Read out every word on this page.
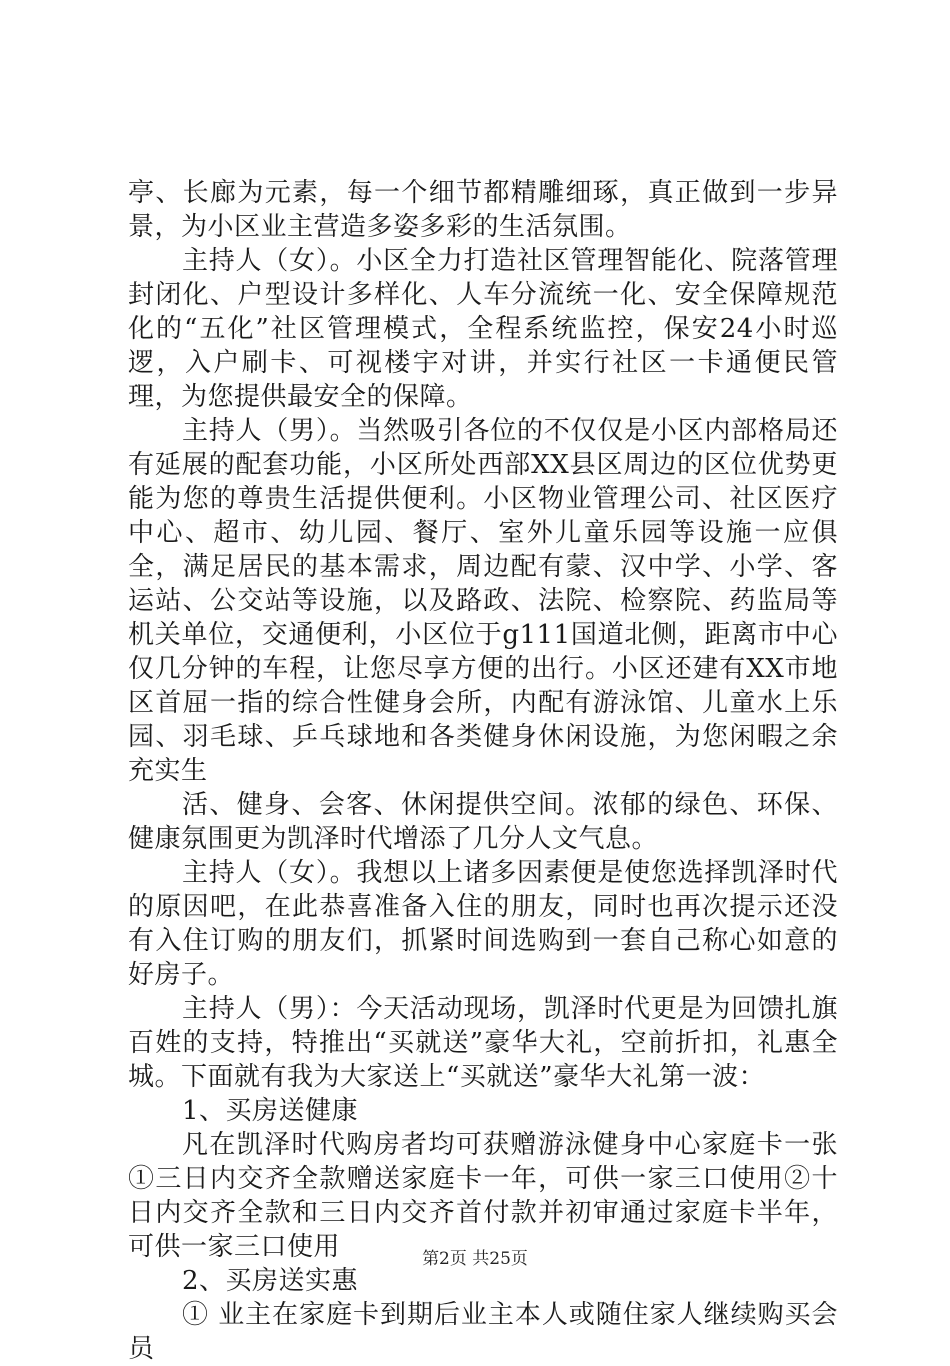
亭、长廊为元素，每一个细节都精雕细琢，真正做到一步异景，为小区业主营造多姿多彩的生活氛围。

主持人（女）。小区全力打造社区管理智能化、院落管理封闭化、户型设计多样化、人车分流统一化、安全保障规范化的“五化”社区管理模式，全程系统监控，保安24小时巡逻，入户刷卡、可视楼宇对讲，并实行社区一卡通便民管理，为您提供最安全的保障。

主持人（男）。当然吸引各位的不仅仅是小区内部格局还有延展的配套功能，小区所处西部XX县区周边的区位优势更能为您的尊贵生活提供便利。小区物业管理公司、社区医疗中心、超市、幼儿园、餐厅、室外儿童乐园等设施一应俱全，满足居民的基本需求，周边配有蒙、汉中学、小学、客运站、公交站等设施，以及路政、法院、检察院、药监局等机关单位，交通便利，小区位于g111国道北侧，距离市中心仅几分钟的车程，让您尽享方便的出行。小区还建有XX市地区首屈一指的综合性健身会所，内配有游泳馆、儿童水上乐园、羽毛球、乒乓球地和各类健身休闲设施，为您闲暇之余充实生

活、健身、会客、休闲提供空间。浓郁的绿色、环保、健康氛围更为凯泽时代增添了几分人文气息。

主持人（女）。我想以上诸多因素便是使您选择凯泽时代的原因吧，在此恭喜准备入住的朋友，同时也再次提示还没有入住订购的朋友们，抓紧时间选购到一套自己称心如意的好房子。

主持人（男）：今天活动现场，凯泽时代更是为回馈扎旗百姓的支持，特推出“买就送”豪华大礼，空前折扣，礼惠全城。下面就有我为大家送上“买就送”豪华大礼第一波：

1、买房送健康

凡在凯泽时代购房者均可获赠游泳健身中心家庭卡一张①三日内交齐全款赠送家庭卡一年，可供一家三口使用②十日内交齐全款和三日内交齐首付款并初审通过家庭卡半年，可供一家三口使用

2、买房送实惠

① 业主在家庭卡到期后业主本人或随住家人继续购买会员

第2页 共25页
